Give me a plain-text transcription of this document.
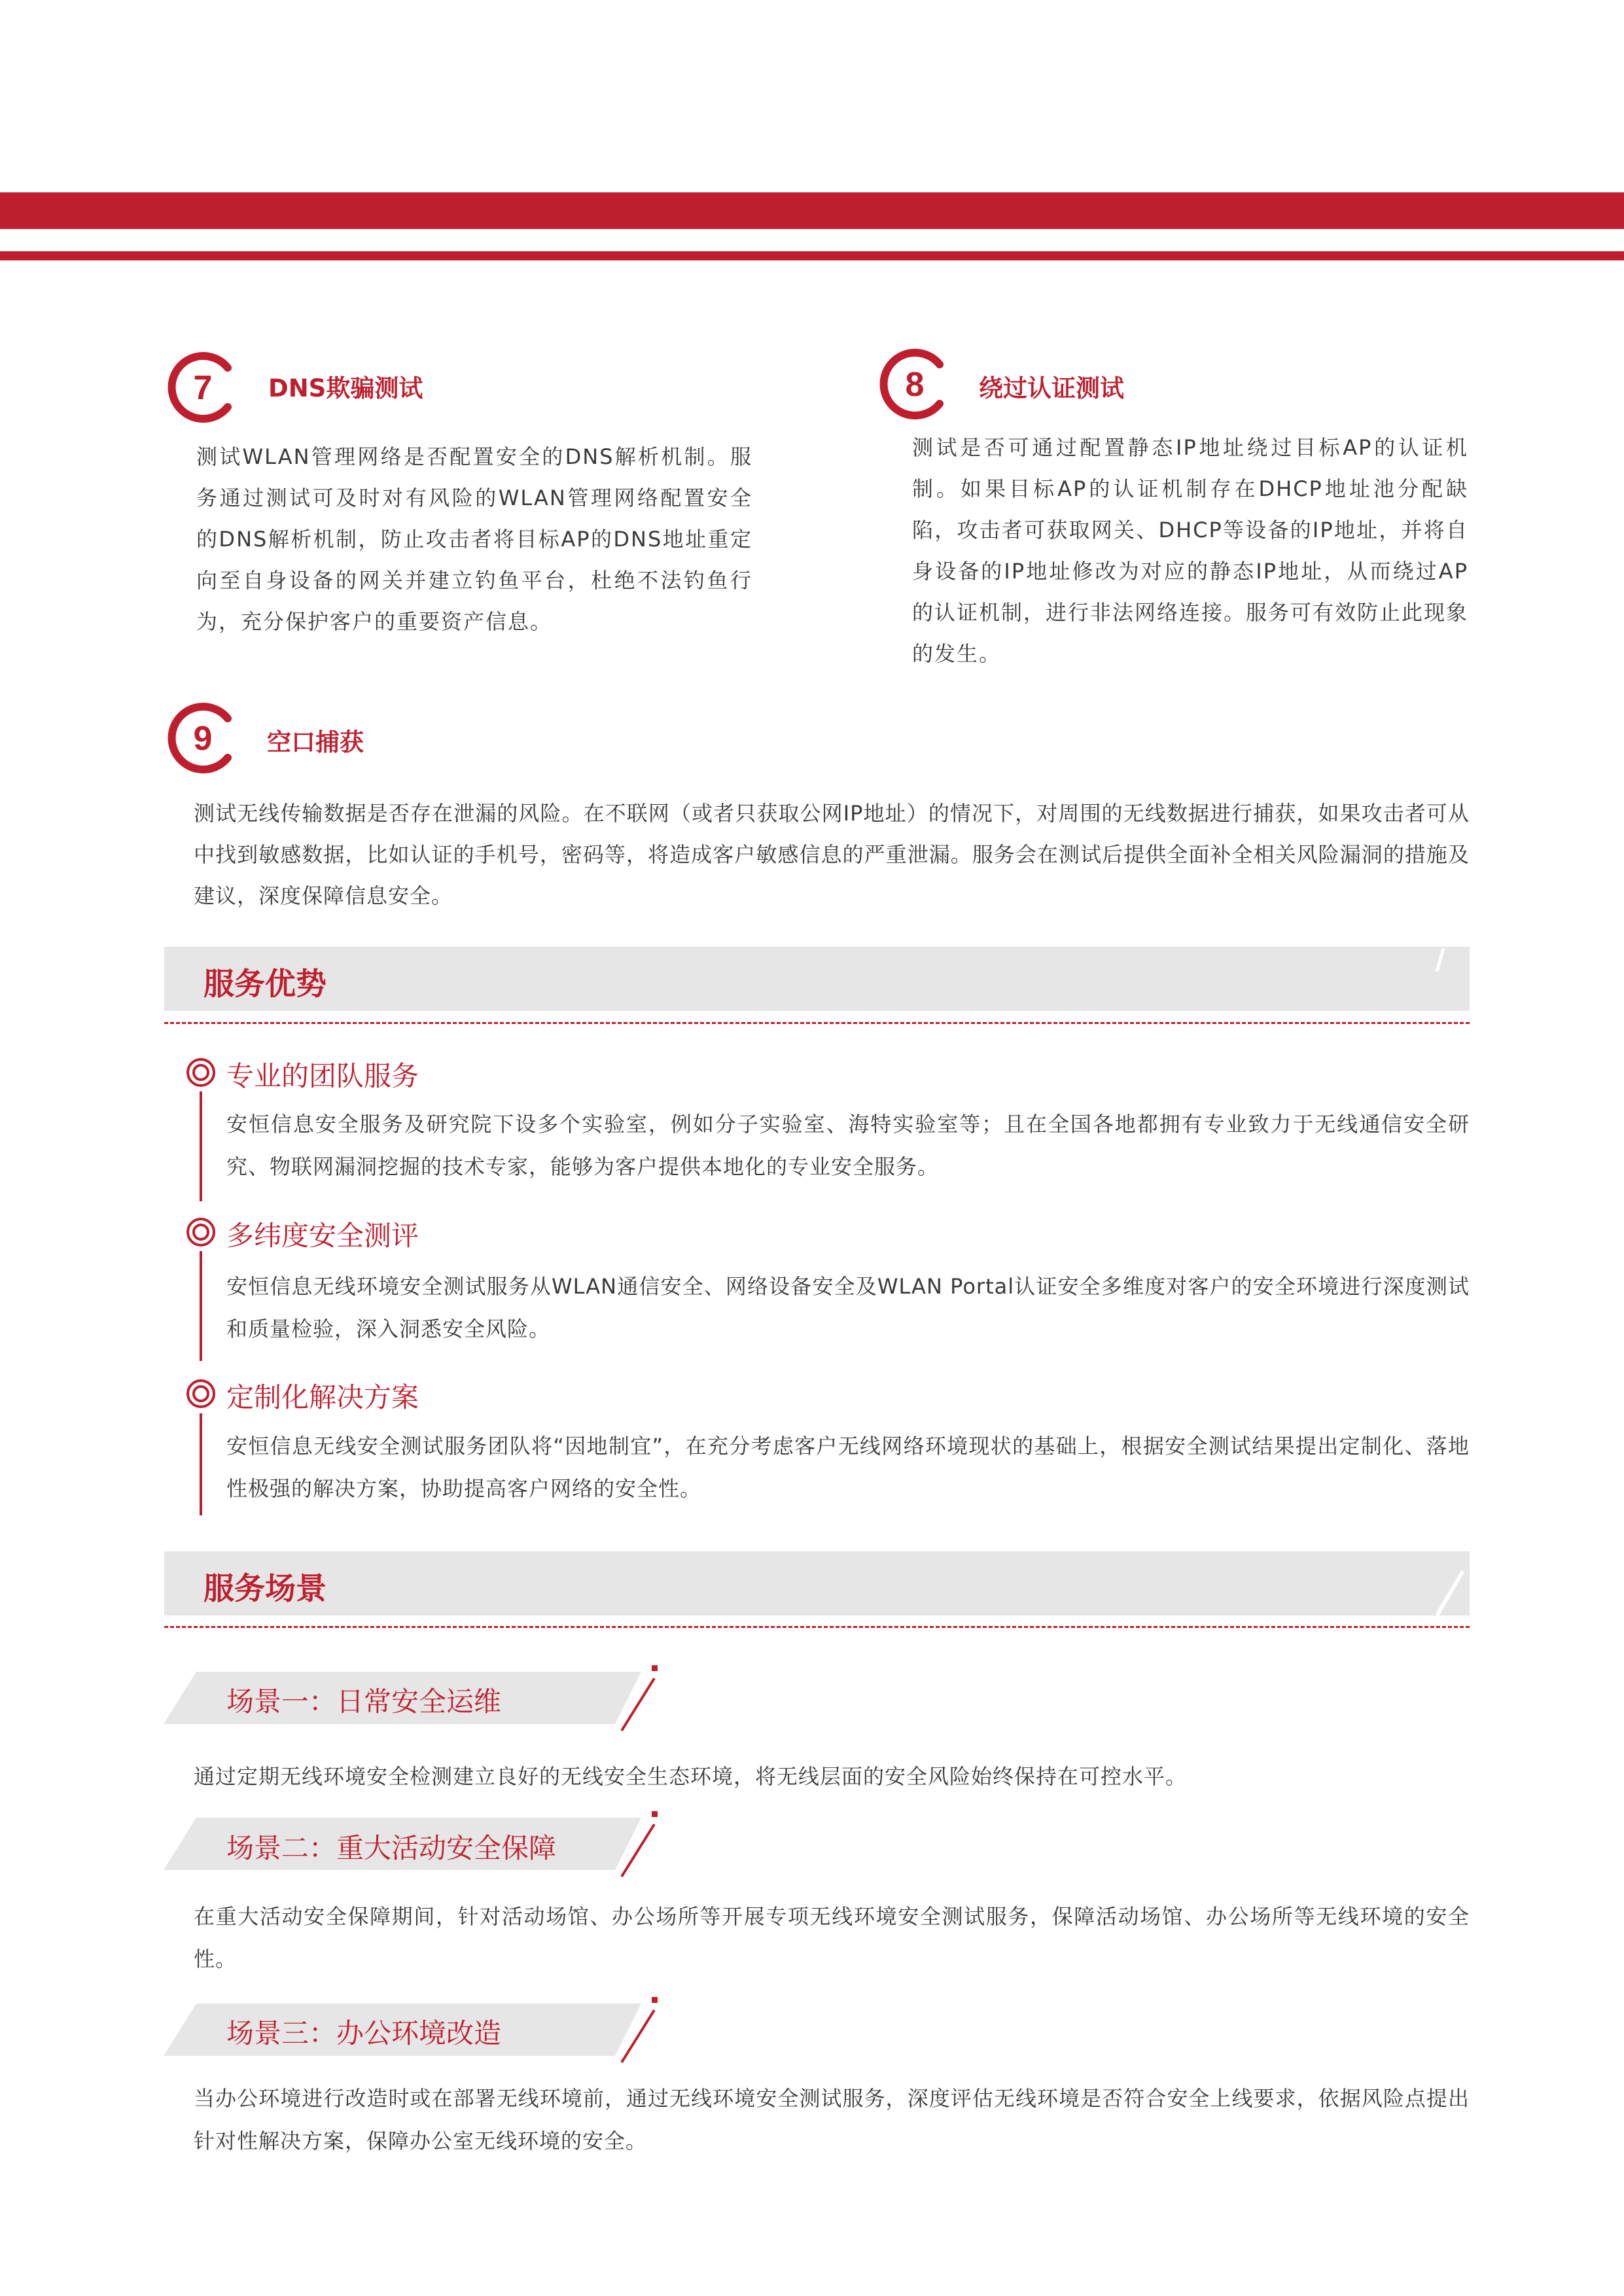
7 DNS欺骗测试
测试WLAN管理网络是否配置安全的DNS解析机制。服务通过测试可及时对有风险的WLAN管理网络配置安全的DNS解析机制，防止攻击者将目标AP的DNS地址重定向至自身设备的网关并建立钓鱼平台，杜绝不法钓鱼行为，充分保护客户的重要资产信息。
8 绕过认证测试
测试是否可通过配置静态IP地址绕过目标AP的认证机制。如果目标AP的认证机制存在DHCP地址池分配缺陷，攻击者可获取网关、DHCP等设备的IP地址，并将自身设备的IP地址修改为对应的静态IP地址，从而绕过AP的认证机制，进行非法网络连接。服务可有效防止此现象的发生。
9 空口捕获
测试无线传输数据是否存在泄漏的风险。在不联网（或者只获取公网IP地址）的情况下，对周围的无线数据进行捕获，如果攻击者可从中找到敏感数据，比如认证的手机号，密码等，将造成客户敏感信息的严重泄漏。服务会在测试后提供全面补全相关风险漏洞的措施及建议，深度保障信息安全。
服务优势
专业的团队服务
安恒信息安全服务及研究院下设多个实验室，例如分子实验室、海特实验室等；且在全国各地都拥有专业致力于无线通信安全研究、物联网漏洞挖掘的技术专家，能够为客户提供本地化的专业安全服务。
多纬度安全测评
安恒信息无线环境安全测试服务从WLAN通信安全、网络设备安全及WLAN Portal认证安全多维度对客户的安全环境进行深度测试和质量检验，深入洞悉安全风险。
定制化解决方案
安恒信息无线安全测试服务团队将“因地制宜”，在充分考虑客户无线网络环境现状的基础上，根据安全测试结果提出定制化、落地性极强的解决方案，协助提高客户网络的安全性。
服务场景
场景一：日常安全运维
通过定期无线环境安全检测建立良好的无线安全生态环境，将无线层面的安全风险始终保持在可控水平。
场景二：重大活动安全保障
在重大活动安全保障期间，针对活动场馆、办公场所等开展专项无线环境安全测试服务，保障活动场馆、办公场所等无线环境的安全性。
场景三：办公环境改造
当办公环境进行改造时或在部署无线环境前，通过无线环境安全测试服务，深度评估无线环境是否符合安全上线要求，依据风险点提出针对性解决方案，保障办公室无线环境的安全。
